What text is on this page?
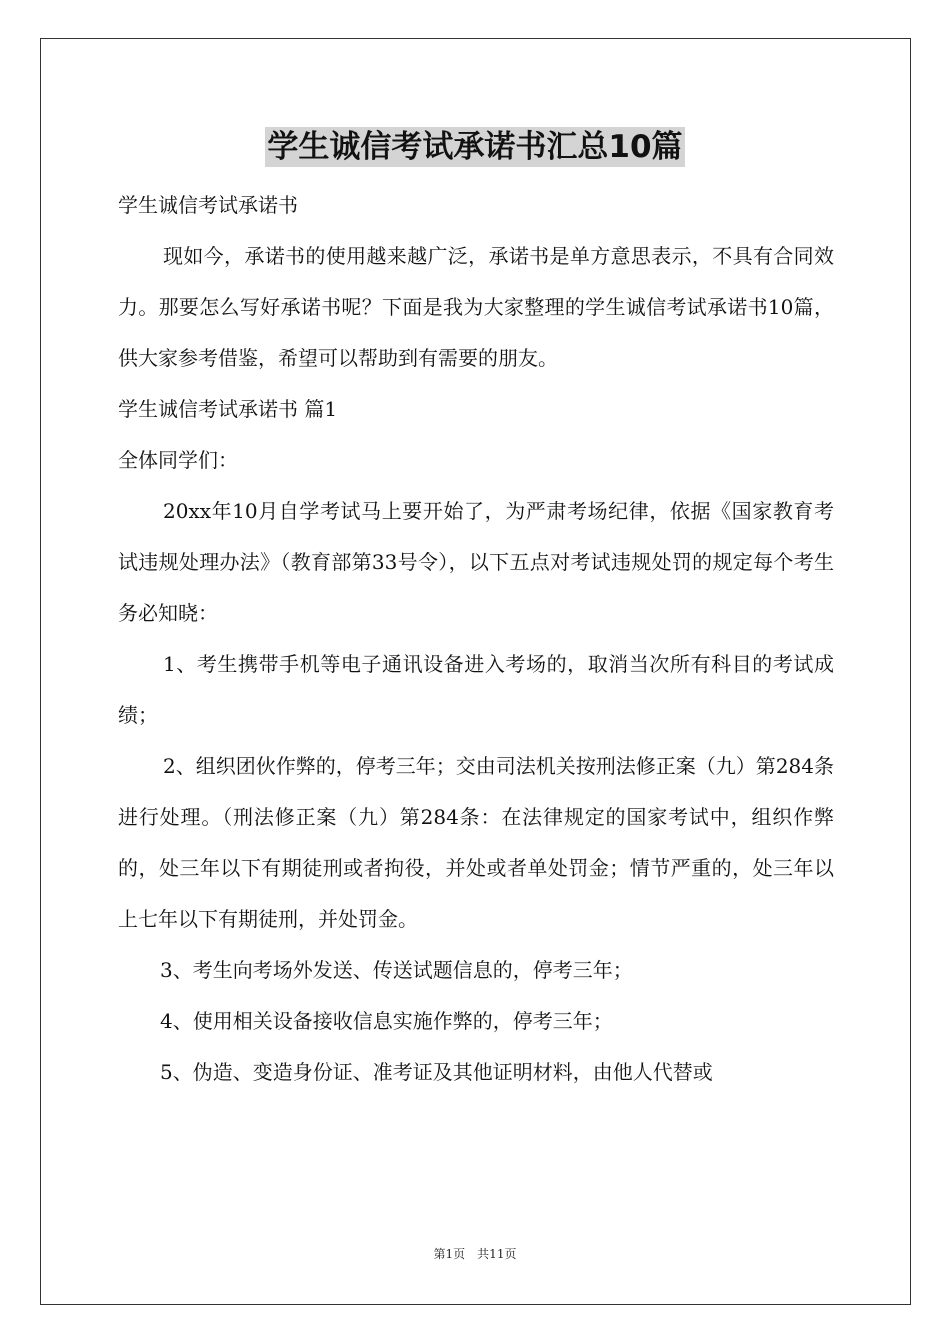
学生诚信考试承诺书汇总10篇

学生诚信考试承诺书

现如今，承诺书的使用越来越广泛，承诺书是单方意思表示，不具有合同效力。那要怎么写好承诺书呢？下面是我为大家整理的学生诚信考试承诺书10篇，供大家参考借鉴，希望可以帮助到有需要的朋友。

学生诚信考试承诺书 篇1

全体同学们：

20xx年10月自学考试马上要开始了，为严肃考场纪律，依据《国家教育考试违规处理办法》（教育部第33号令），以下五点对考试违规处罚的规定每个考生务必知晓：

1、考生携带手机等电子通讯设备进入考场的，取消当次所有科目的考试成绩；

2、组织团伙作弊的，停考三年；交由司法机关按刑法修正案（九）第284条进行处理。（刑法修正案（九）第284条：在法律规定的国家考试中，组织作弊的，处三年以下有期徒刑或者拘役，并处或者单处罚金；情节严重的，处三年以上七年以下有期徒刑，并处罚金。

3、考生向考场外发送、传送试题信息的，停考三年；

4、使用相关设备接收信息实施作弊的，停考三年；

5、伪造、变造身份证、准考证及其他证明材料，由他人代替或

第1页　共11页
